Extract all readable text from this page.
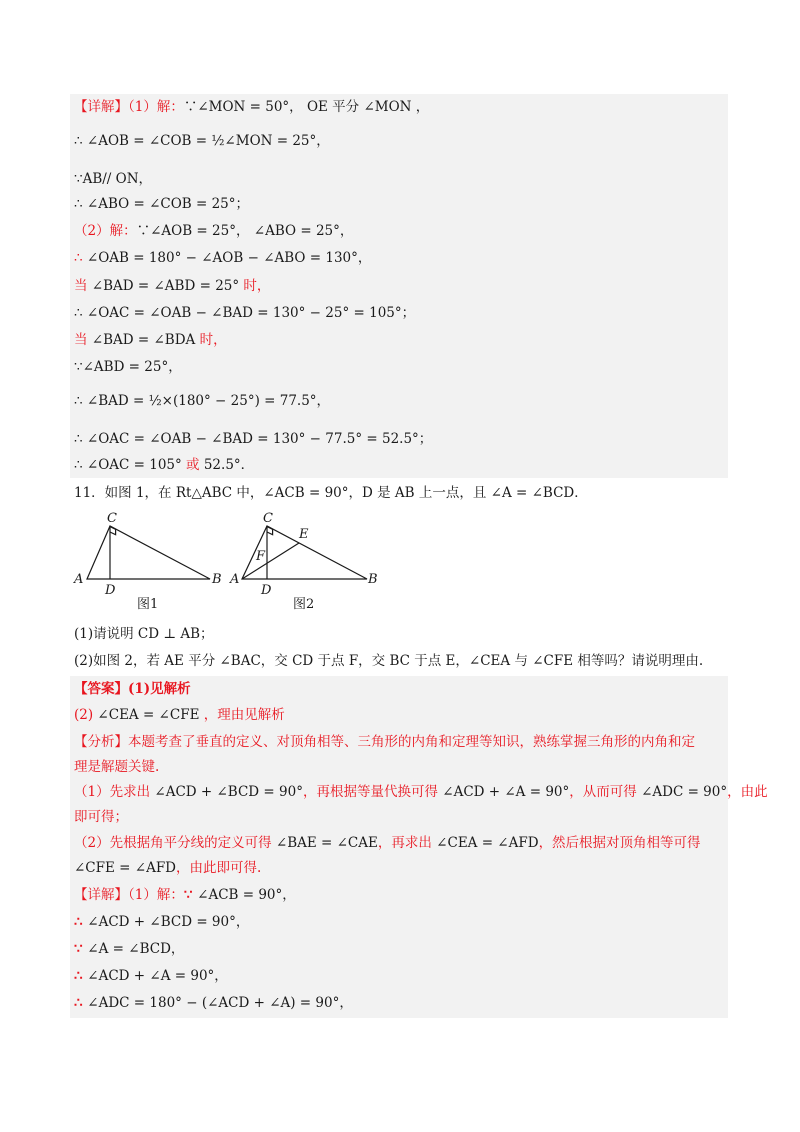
【详解】（1）解：∵∠MON = 50°， OE 平分 ∠MON ，
∴ ∠AOB = ∠COB = ½∠MON = 25°，
∵AB// ON，
∴ ∠ABO = ∠COB = 25°；
（2）解：∵∠AOB = 25°， ∠ABO = 25°，
∴ ∠OAB = 180° − ∠AOB − ∠ABO = 130°，
当 ∠BAD = ∠ABD = 25° 时，
∴ ∠OAC = ∠OAB − ∠BAD = 130° − 25° = 105°；
当 ∠BAD = ∠BDA 时，
∵∠ABD = 25°，
∴ ∠BAD = ½×(180° − 25°) = 77.5°，
∴ ∠OAC = ∠OAB − ∠BAD = 130° − 77.5° = 52.5°；
∴ ∠OAC = 105° 或 52.5°．
11．如图 1，在 Rt△ABC 中，∠ACB = 90°，D 是 AB 上一点，且 ∠A = ∠BCD．
C
A
D
B
C
E
F
A
D
B
图1	图2
(1)请说明 CD ⊥ AB；
(2)如图 2，若 AE 平分 ∠BAC，交 CD 于点 F，交 BC 于点 E，∠CEA 与 ∠CFE 相等吗？请说明理由.
【答案】(1)见解析
(2) ∠CEA = ∠CFE ，理由见解析
【分析】本题考查了垂直的定义、对顶角相等、三角形的内角和定理等知识，熟练掌握三角形的内角和定
理是解题关键.
（1）先求出 ∠ACD + ∠BCD = 90°，再根据等量代换可得 ∠ACD + ∠A = 90°，从而可得 ∠ADC = 90°，由此
即可得；
（2）先根据角平分线的定义可得 ∠BAE = ∠CAE，再求出 ∠CEA = ∠AFD，然后根据对顶角相等可得
∠CFE = ∠AFD，由此即可得.
【详解】（1）解：∵ ∠ACB = 90°，
∴ ∠ACD + ∠BCD = 90°，
∵ ∠A = ∠BCD，
∴ ∠ACD + ∠A = 90°，
∴ ∠ADC = 180° − (∠ACD + ∠A) = 90°，
